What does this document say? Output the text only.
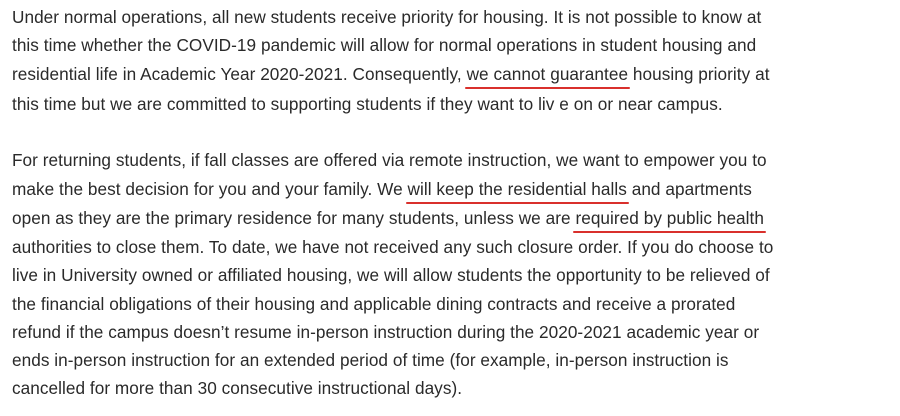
Under normal operations, all new students receive priority for housing. It is not possible to know at
this time whether the COVID-19 pandemic will allow for normal operations in student housing and
residential life in Academic Year 2020-2021. Consequently, we cannot guarantee housing priority at
this time but we are committed to supporting students if they want to liv e on or near campus.
For returning students, if fall classes are offered via remote instruction, we want to empower you to
make the best decision for you and your family. We will keep the residential halls and apartments
open as they are the primary residence for many students, unless we are required by public health
authorities to close them. To date, we have not received any such closure order. If you do choose to
live in University owned or affiliated housing, we will allow students the opportunity to be relieved of
the financial obligations of their housing and applicable dining contracts and receive a prorated
refund if the campus doesn’t resume in-person instruction during the 2020-2021 academic year or
ends in-person instruction for an extended period of time (for example, in-person instruction is
cancelled for more than 30 consecutive instructional days).
